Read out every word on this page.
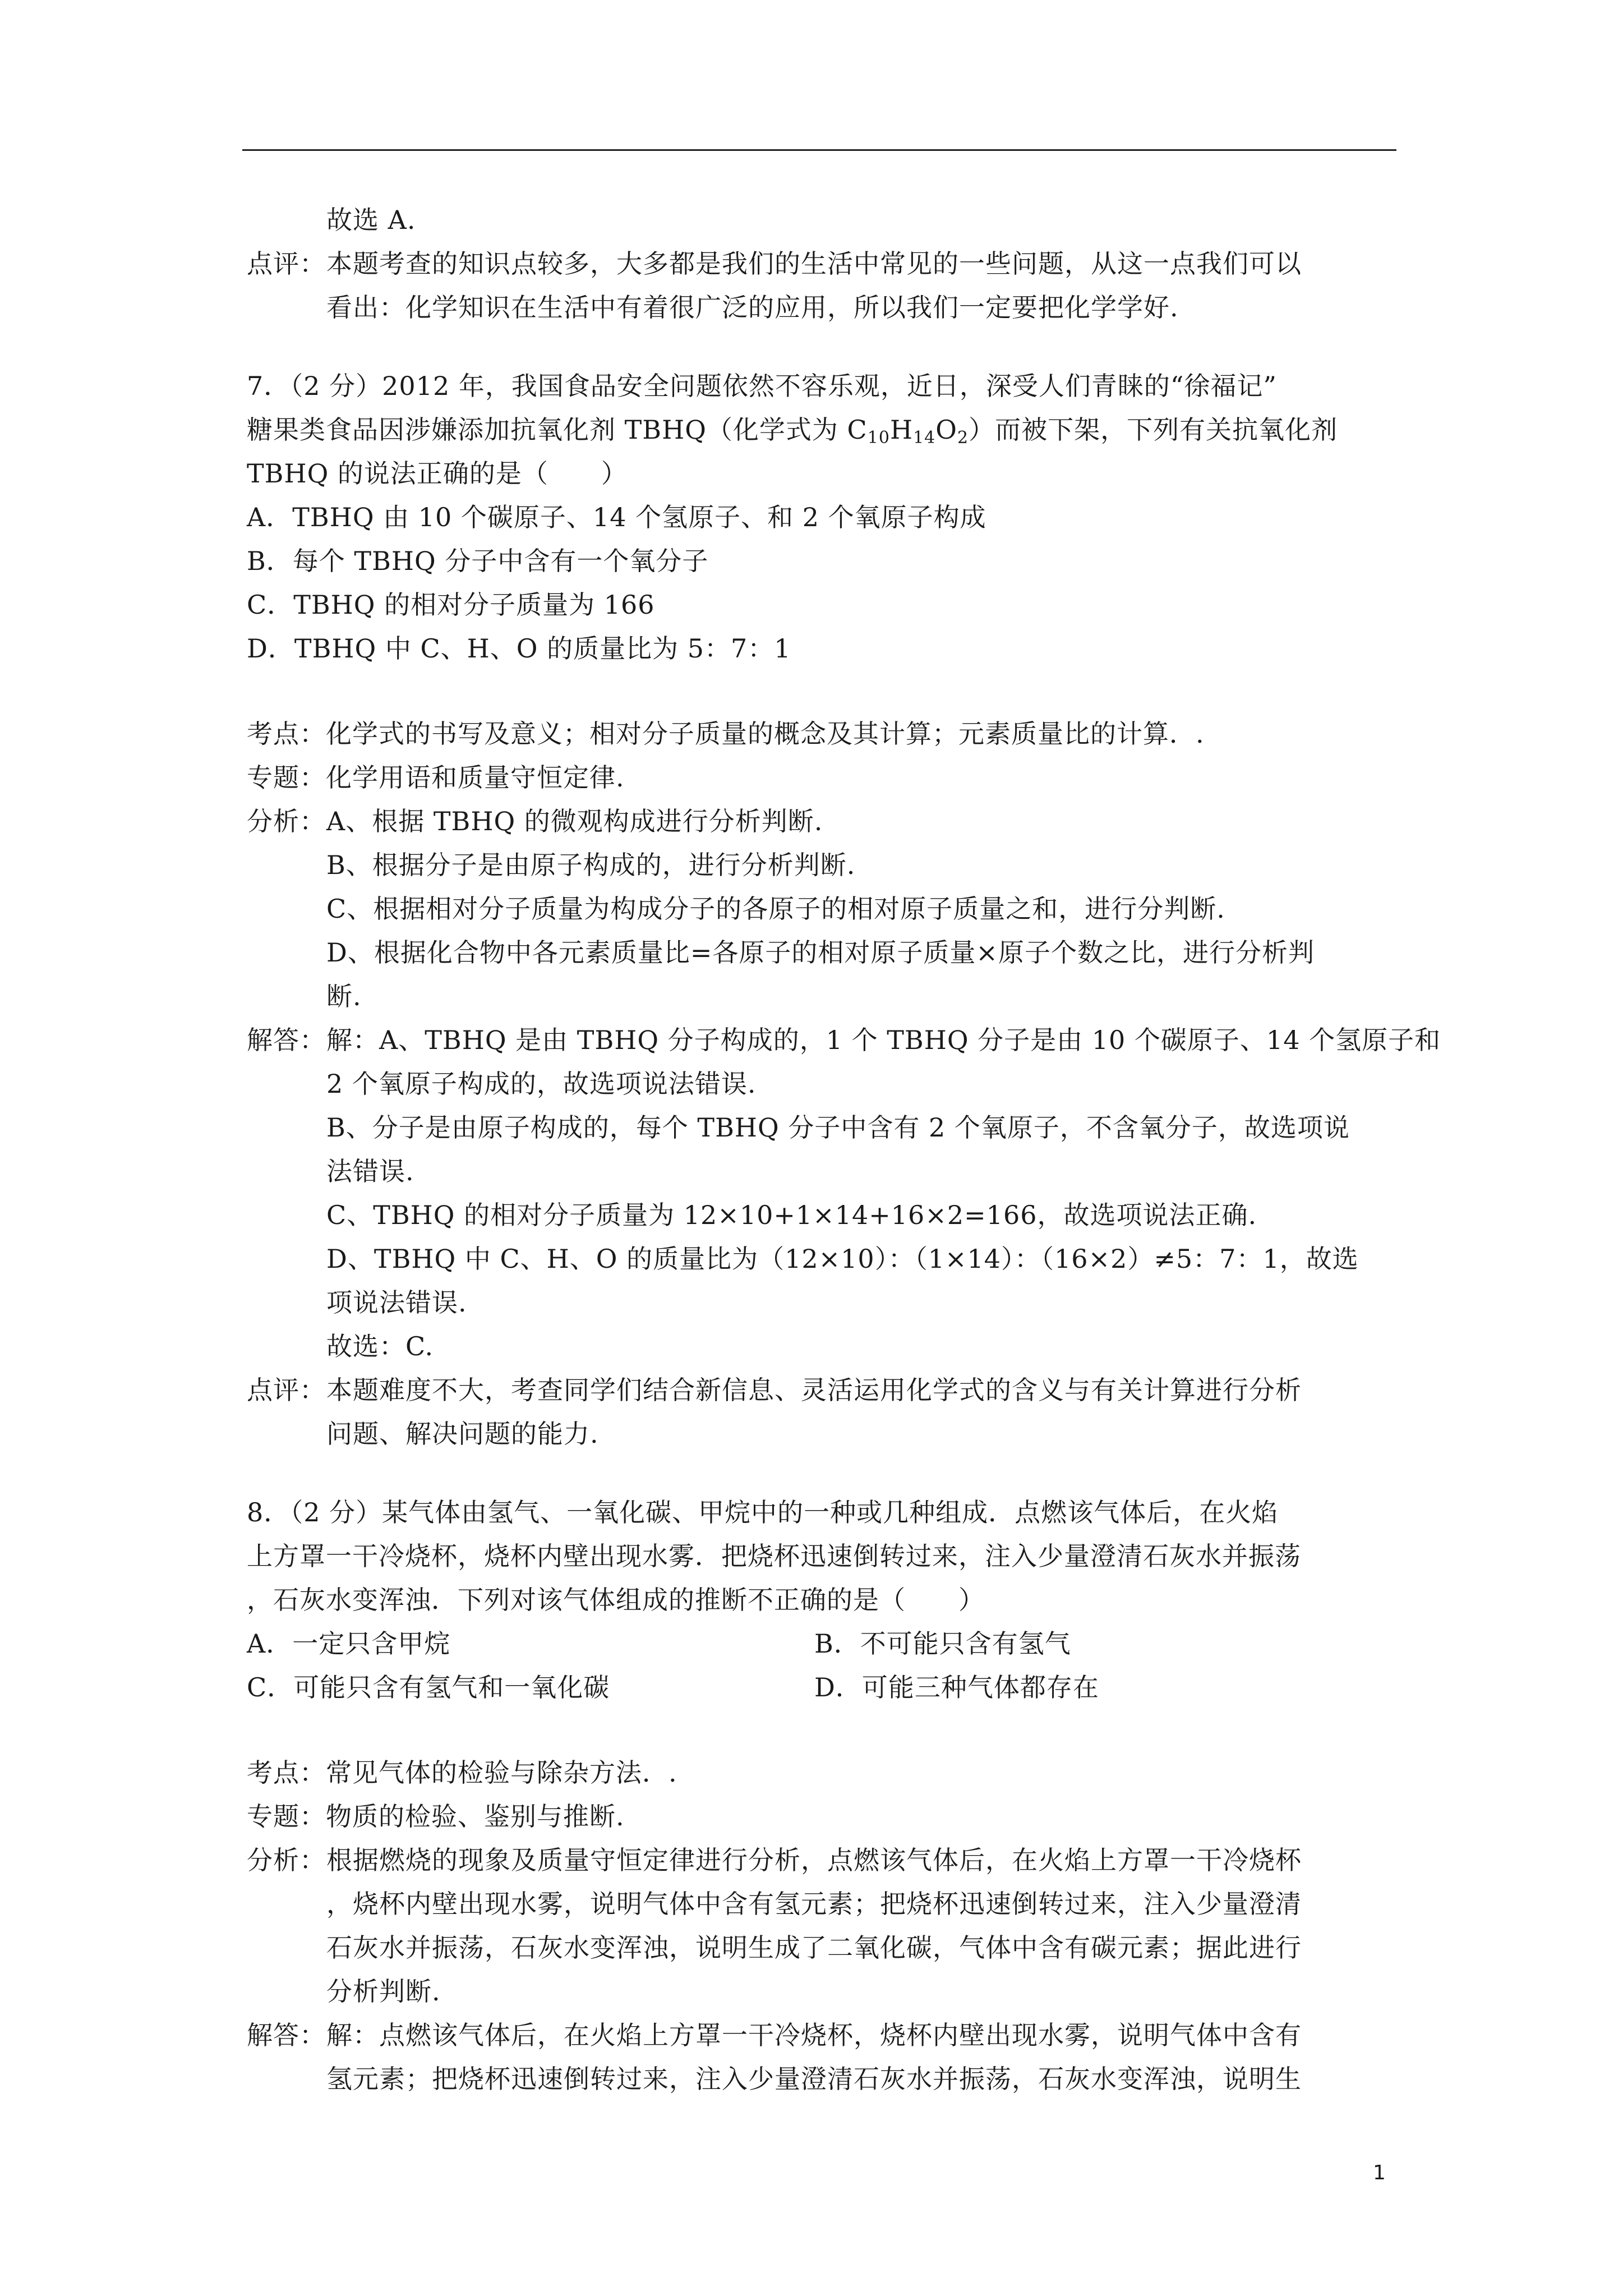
故选 A.
点评： 本题考查的知识点较多，大多都是我们的生活中常见的一些问题，从这一点我们可以
看出：化学知识在生活中有着很广泛的应用，所以我们一定要把化学学好.
7．（2 分）2012 年，我国食品安全问题依然不容乐观，近日，深受人们青睐的“徐福记”
糖果类食品因涉嫌添加抗氧化剂 TBHQ（化学式为 $C_{10}H_{14}O_2$）而被下架，下列有关抗氧化剂
TBHQ 的说法正确的是（　　）
A．TBHQ 由 10 个碳原子、14 个氢原子、和 2 个氧原子构成
B．每个 TBHQ 分子中含有一个氧分子
C．TBHQ 的相对分子质量为 166
D．TBHQ 中 C、H、O 的质量比为 5：7：1
考点：化学式的书写及意义；相对分子质量的概念及其计算；元素质量比的计算．.
专题：化学用语和质量守恒定律.
分析： A、根据 TBHQ 的微观构成进行分析判断.
B、根据分子是由原子构成的，进行分析判断.
C、根据相对分子质量为构成分子的各原子的相对原子质量之和，进行分判断.
D、根据化合物中各元素质量比=各原子的相对原子质量×原子个数之比，进行分析判
断.
解答： 解：A、TBHQ 是由 TBHQ 分子构成的，1 个 TBHQ 分子是由 10 个碳原子、14 个氢原子和
2 个氧原子构成的，故选项说法错误.
B、分子是由原子构成的，每个 TBHQ 分子中含有 2 个氧原子，不含氧分子，故选项说
法错误.
C、TBHQ 的相对分子质量为 12×10+1×14+16×2=166，故选项说法正确.
D、TBHQ 中 C、H、O 的质量比为（12×10）：（1×14）：（16×2）≠5：7：1，故选
项说法错误.
故选：C.
点评： 本题难度不大，考查同学们结合新信息、灵活运用化学式的含义与有关计算进行分析
问题、解决问题的能力.
8．（2 分）某气体由氢气、一氧化碳、甲烷中的一种或几种组成．点燃该气体后，在火焰
上方罩一干冷烧杯，烧杯内壁出现水雾．把烧杯迅速倒转过来，注入少量澄清石灰水并振荡
，石灰水变浑浊．下列对该气体组成的推断不正确的是（　　）
A．一定只含甲烷	B．不可能只含有氢气
C．可能只含有氢气和一氧化碳	D．可能三种气体都存在
考点：常见气体的检验与除杂方法．.
专题：物质的检验、鉴别与推断.
分析： 根据燃烧的现象及质量守恒定律进行分析，点燃该气体后，在火焰上方罩一干冷烧杯
，烧杯内壁出现水雾，说明气体中含有氢元素；把烧杯迅速倒转过来，注入少量澄清
石灰水并振荡，石灰水变浑浊，说明生成了二氧化碳，气体中含有碳元素；据此进行
分析判断.
解答： 解：点燃该气体后，在火焰上方罩一干冷烧杯，烧杯内壁出现水雾，说明气体中含有
氢元素；把烧杯迅速倒转过来，注入少量澄清石灰水并振荡，石灰水变浑浊，说明生
1
